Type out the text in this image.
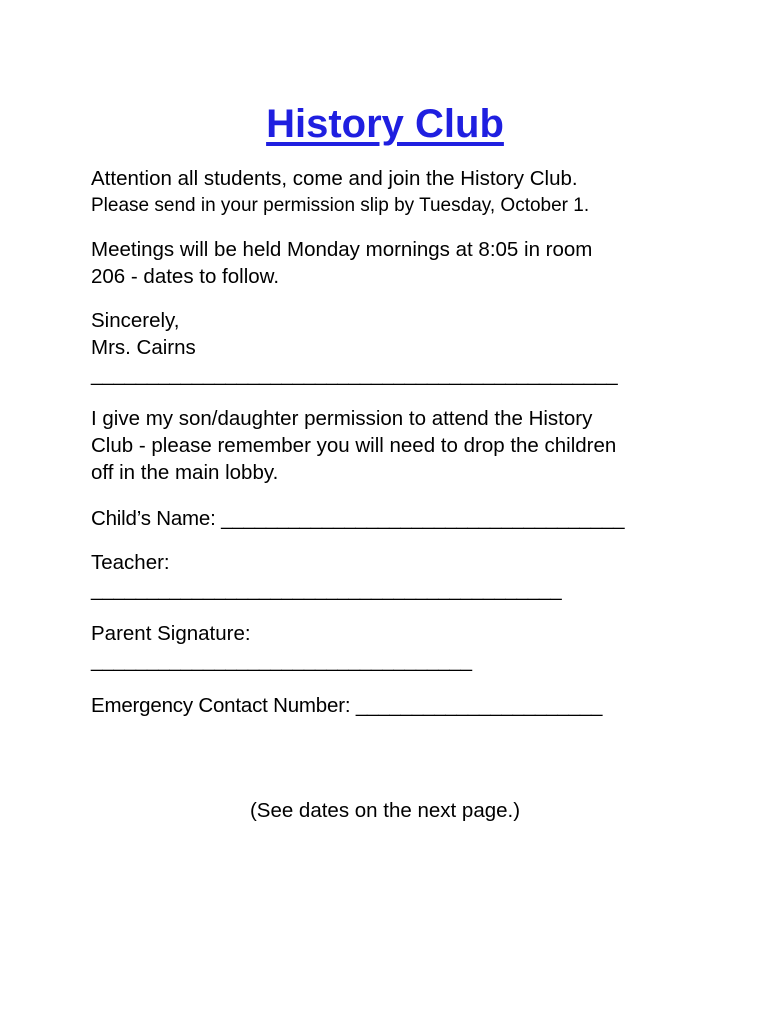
History Club

Attention all students, come and join the History Club.
Please send in your permission slip by Tuesday, October 1.

Meetings will be held Monday mornings at 8:05 in room
206 - dates to follow.

Sincerely,
Mrs. Cairns
_______________________________________________

I give my son/daughter permission to attend the History
Club - please remember you will need to drop the children
off in the main lobby.

Child’s Name: ____________________________________

Teacher:
__________________________________________

Parent Signature:
__________________________________

Emergency Contact Number: ______________________

(See dates on the next page.)
